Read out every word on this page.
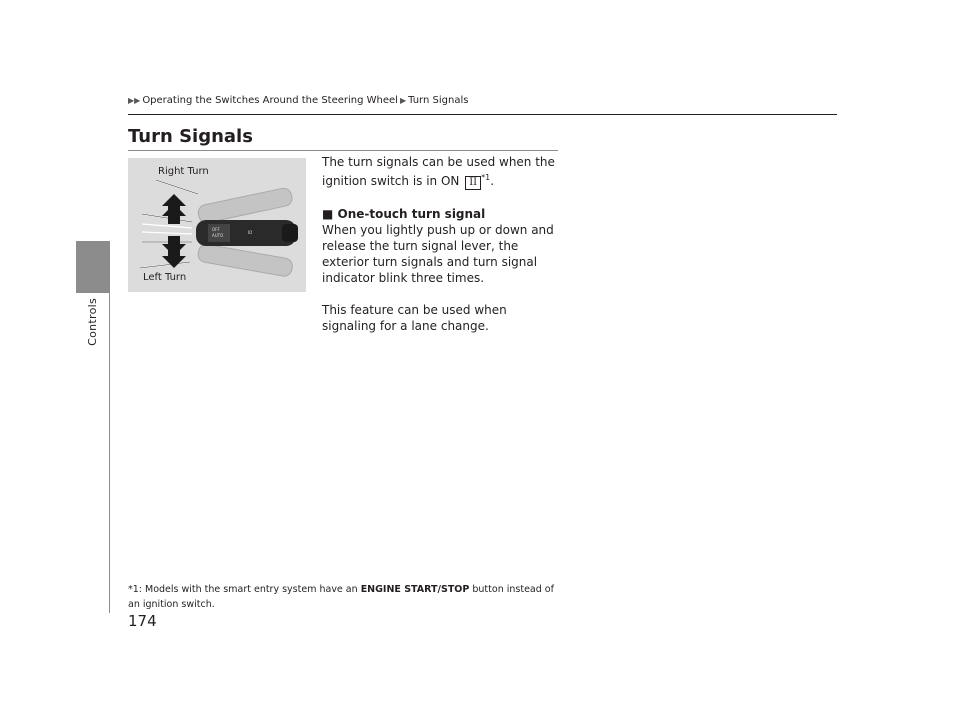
Controls
▶▶ Operating the Switches Around the Steering Wheel ▶ Turn Signals
Turn Signals
OFF
AUTO
ID
Right Turn
Left Turn

The turn signals can be used when the ignition switch is in ON II $^{*1}$.

■ One-touch turn signal

When you lightly push up or down and release the turn signal lever, the exterior turn signals and turn signal indicator blink three times.

This feature can be used when signaling for a lane change.

*1: Models with the smart entry system have an ENGINE START/STOP button instead of an ignition switch.
174
